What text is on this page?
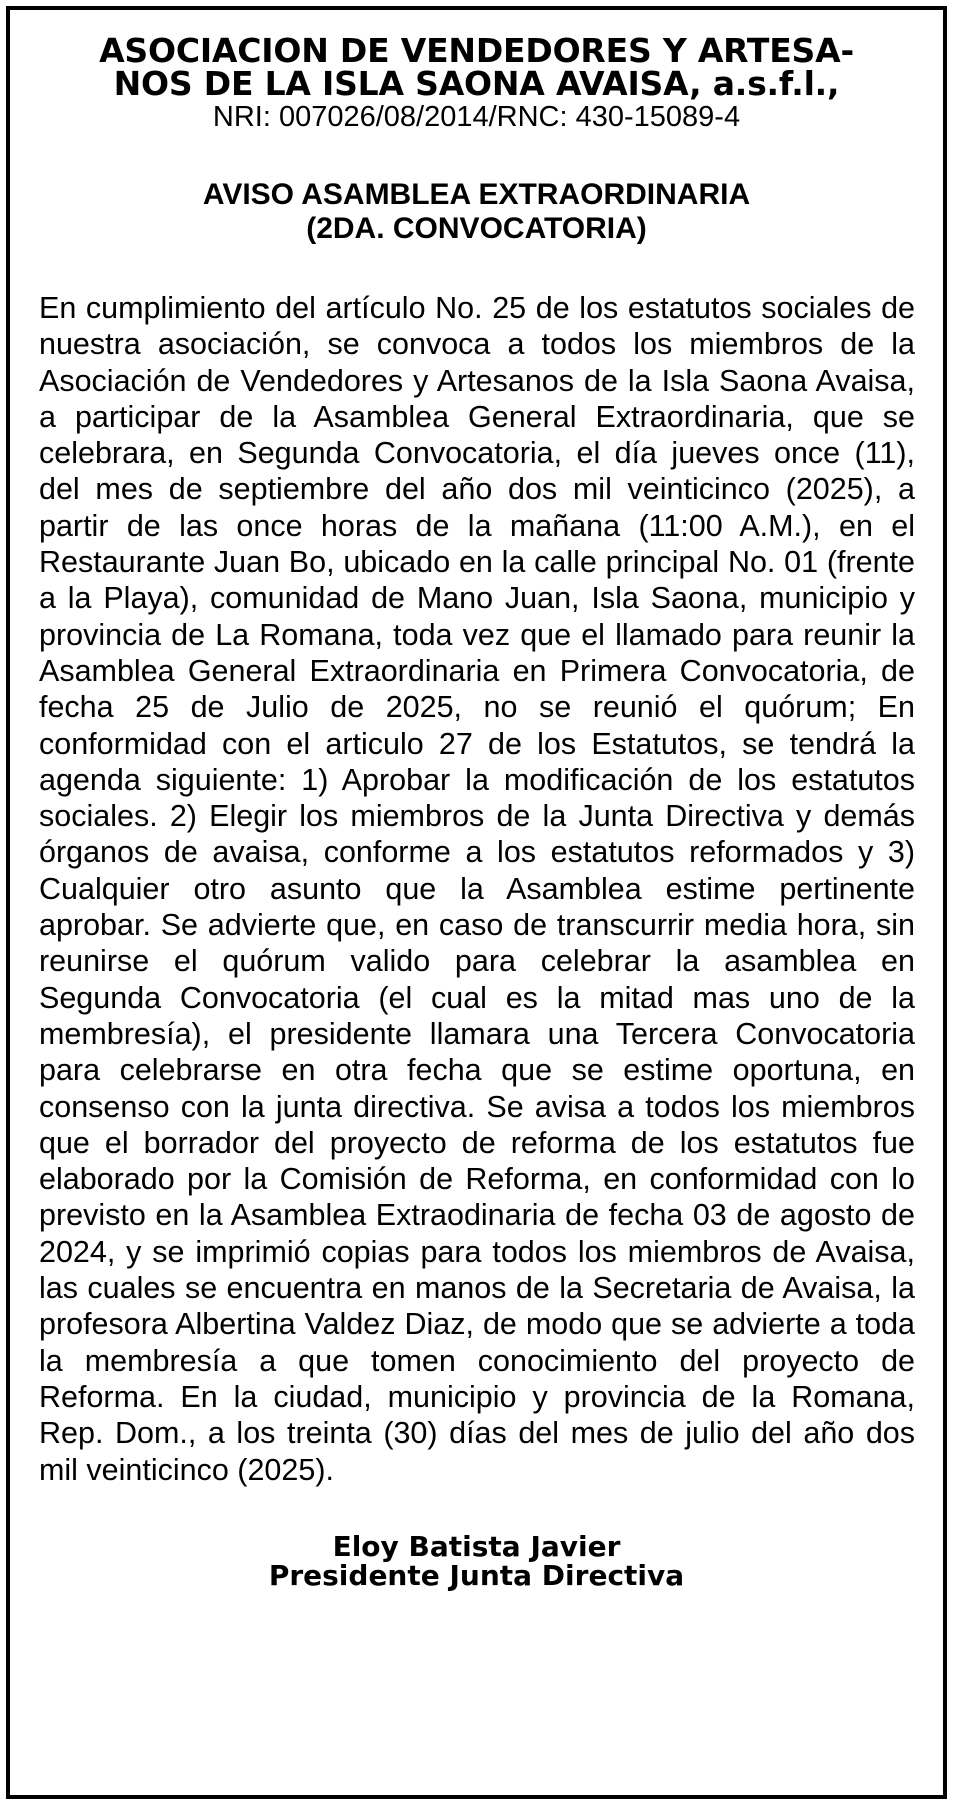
ASOCIACION DE VENDEDORES Y ARTESA-
NOS DE LA ISLA SAONA AVAISA, a.s.f.l.,
NRI: 007026/08/2014/RNC: 430-15089-4
AVISO ASAMBLEA EXTRAORDINARIA
(2DA. CONVOCATORIA)
En cumplimiento del artículo No. 25 de los estatutos sociales de nuestra asociación, se convoca a todos los miembros de la Asociación de Vendedores y Artesanos de la Isla Saona Avaisa, a participar de la Asamblea General Extraordinaria, que se celebrara, en Segunda Convocatoria, el día jueves once (11), del mes de septiembre del año dos mil veinticinco (2025), a partir de las once horas de la mañana (11:00 A.M.), en el Restaurante Juan Bo, ubicado en la calle principal No. 01 (frente a la Playa), comunidad de Mano Juan, Isla Saona, municipio y provincia de La Romana, toda vez que el llamado para reunir la Asamblea General Extraordinaria en Primera Convocatoria, de fecha 25 de Julio de 2025, no se reunió el quórum; En conformidad con el articulo 27 de los Estatutos, se tendrá la agenda siguiente: 1) Aprobar la modificación de los estatutos sociales. 2) Elegir los miembros de la Junta Directiva y demás órganos de avaisa, conforme a los estatutos reformados y 3) Cualquier otro asunto que la Asamblea estime pertinente aprobar. Se advierte que, en caso de transcurrir media hora, sin reunirse el quórum valido para celebrar la asamblea en Segunda Convocatoria (el cual es la mitad mas uno de la membresía), el presidente llamara una Tercera Convocatoria para celebrarse en otra fecha que se estime oportuna, en consenso con la junta directiva. Se avisa a todos los miembros que el borrador del proyecto de reforma de los estatutos fue elaborado por la Comisión de Reforma, en conformidad con lo previsto en la Asamblea Extraodinaria de fecha 03 de agosto de 2024, y se imprimió copias para todos los miembros de Avaisa, las cuales se encuentra en manos de la Secretaria de Avaisa, la profesora Albertina Valdez Diaz, de modo que se advierte a toda la membresía a que tomen conocimiento del proyecto de Reforma. En la ciudad, municipio y provincia de la Romana, Rep. Dom., a los treinta (30) días del mes de julio del año dos mil veinticinco (2025).
Eloy Batista Javier
Presidente Junta Directiva
